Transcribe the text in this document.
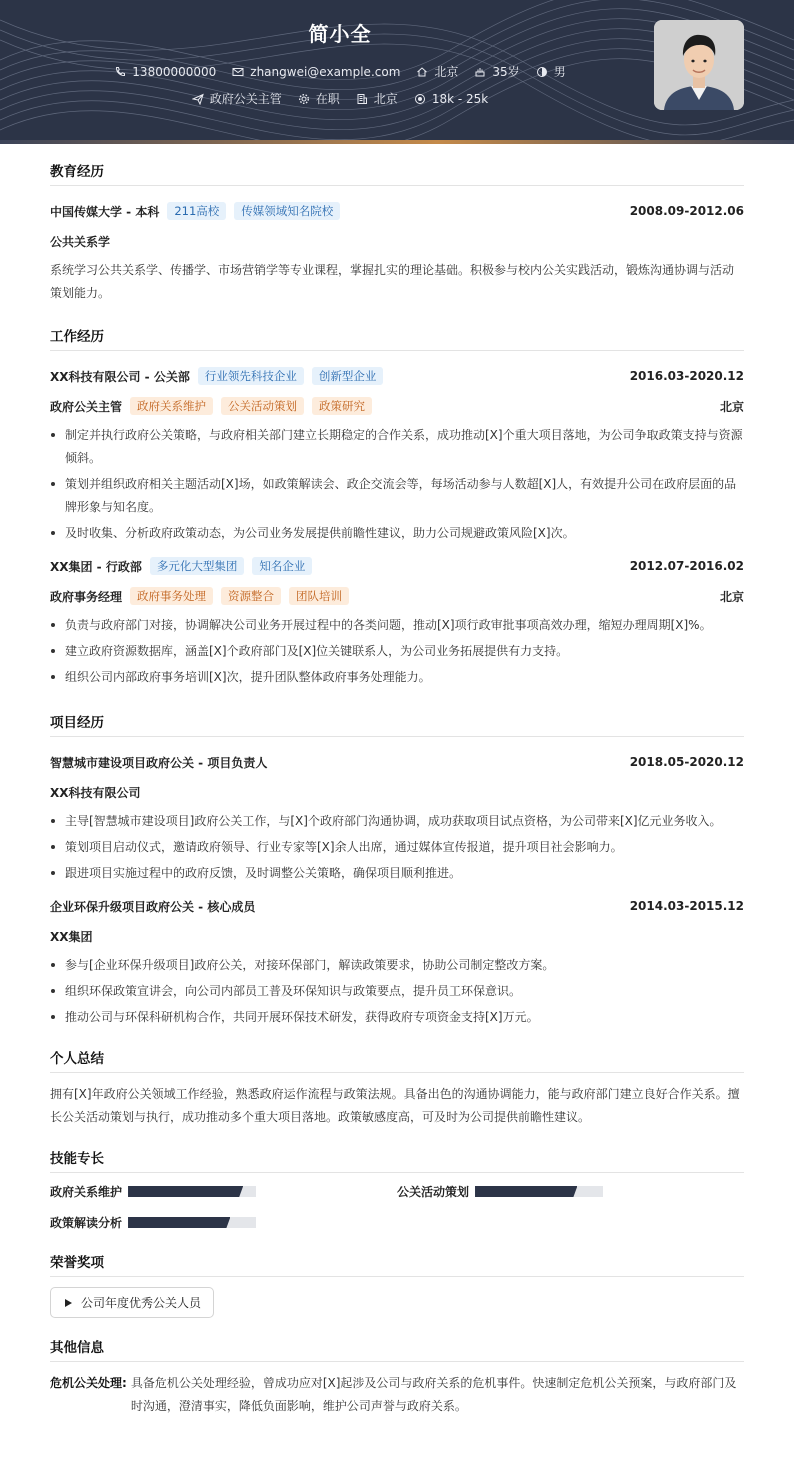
简小全
13800000000	zhangwei@example.com	北京	35岁	男
政府公关主管	在职	北京	18k - 25k
教育经历
中国传媒大学 - 本科	211高校	传媒领域知名院校	2008.09-2012.06
公共关系学
系统学习公共关系学、传播学、市场营销学等专业课程，掌握扎实的理论基础。积极参与校内公关实践活动，锻炼沟通协调与活动策划能力。
工作经历
XX科技有限公司 - 公关部	行业领先科技企业	创新型企业	2016.03-2020.12
政府公关主管	政府关系维护	公关活动策划	政策研究	北京
制定并执行政府公关策略，与政府相关部门建立长期稳定的合作关系，成功推动[X]个重大项目落地，为公司争取政策支持与资源倾斜。
策划并组织政府相关主题活动[X]场，如政策解读会、政企交流会等，每场活动参与人数超[X]人，有效提升公司在政府层面的品牌形象与知名度。
及时收集、分析政府政策动态，为公司业务发展提供前瞻性建议，助力公司规避政策风险[X]次。
XX集团 - 行政部	多元化大型集团	知名企业	2012.07-2016.02
政府事务经理	政府事务处理	资源整合	团队培训	北京
负责与政府部门对接，协调解决公司业务开展过程中的各类问题，推动[X]项行政审批事项高效办理，缩短办理周期[X]%。
建立政府资源数据库，涵盖[X]个政府部门及[X]位关键联系人，为公司业务拓展提供有力支持。
组织公司内部政府事务培训[X]次，提升团队整体政府事务处理能力。
项目经历
智慧城市建设项目政府公关 - 项目负责人	2018.05-2020.12
XX科技有限公司
主导[智慧城市建设项目]政府公关工作，与[X]个政府部门沟通协调，成功获取项目试点资格，为公司带来[X]亿元业务收入。
策划项目启动仪式，邀请政府领导、行业专家等[X]余人出席，通过媒体宣传报道，提升项目社会影响力。
跟进项目实施过程中的政府反馈，及时调整公关策略，确保项目顺利推进。
企业环保升级项目政府公关 - 核心成员	2014.03-2015.12
XX集团
参与[企业环保升级项目]政府公关，对接环保部门，解读政策要求，协助公司制定整改方案。
组织环保政策宣讲会，向公司内部员工普及环保知识与政策要点，提升员工环保意识。
推动公司与环保科研机构合作，共同开展环保技术研发，获得政府专项资金支持[X]万元。
个人总结
拥有[X]年政府公关领域工作经验，熟悉政府运作流程与政策法规。具备出色的沟通协调能力，能与政府部门建立良好合作关系。擅长公关活动策划与执行，成功推动多个重大项目落地。政策敏感度高，可及时为公司提供前瞻性建议。
技能专长
政府关系维护	公关活动策划
政策解读分析
荣誉奖项
公司年度优秀公关人员
其他信息
危机公关处理: 具备危机公关处理经验，曾成功应对[X]起涉及公司与政府关系的危机事件。快速制定危机公关预案，与政府部门及时沟通，澄清事实，降低负面影响，维护公司声誉与政府关系。
